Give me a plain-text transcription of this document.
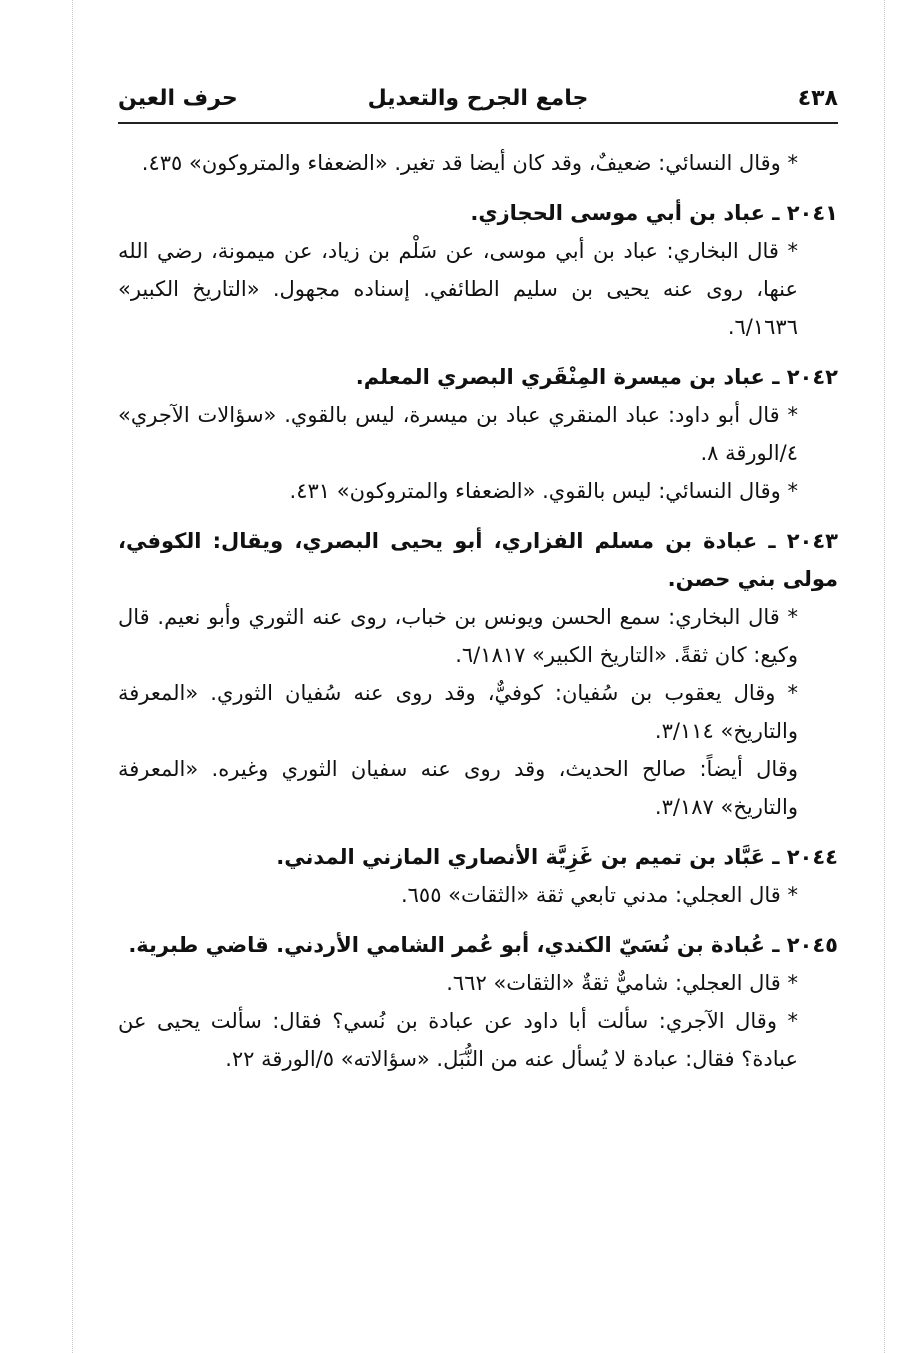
٤٣٨
جامع الجرح والتعديل
حرف العين

* وقال النسائي: ضعيفٌ، وقد كان أيضا قد تغير. «الضعفاء والمتروكون» ٤٣٥.

٢٠٤١ ـ عباد بن أبي موسى الحجازي.

* قال البخاري: عباد بن أبي موسى، عن سَلْم بن زياد، عن ميمونة، رضي الله عنها، روى عنه يحيى بن سليم الطائفي. إسناده مجهول. «التاريخ الكبير» ٦/١٦٣٦.

٢٠٤٢ ـ عباد بن ميسرة المِنْقَري البصري المعلم.

* قال أبو داود: عباد المنقري عباد بن ميسرة، ليس بالقوي. «سؤالات الآجري» ٤/الورقة ٨.

* وقال النسائي: ليس بالقوي. «الضعفاء والمتروكون» ٤٣١.

٢٠٤٣ ـ عبادة بن مسلم الفزاري، أبو يحيى البصري، ويقال: الكوفي، مولى بني حصن.

* قال البخاري: سمع الحسن ويونس بن خباب، روى عنه الثوري وأبو نعيم. قال وكيع: كان ثقةً. «التاريخ الكبير» ٦/١٨١٧.

* وقال يعقوب بن سُفيان: كوفيٌّ، وقد روى عنه سُفيان الثوري. «المعرفة والتاريخ» ٣/١١٤.

وقال أيضاً: صالح الحديث، وقد روى عنه سفيان الثوري وغيره. «المعرفة والتاريخ» ٣/١٨٧.

٢٠٤٤ ـ عَبَّاد بن تميم بن غَزِيَّة الأنصاري المازني المدني.

* قال العجلي: مدني تابعي ثقة «الثقات» ٦٥٥.

٢٠٤٥ ـ عُبادة بن نُسَيّ الكندي، أبو عُمر الشامي الأردني. قاضي طبرية.

* قال العجلي: شاميٌّ ثقةٌ «الثقات» ٦٦٢.

* وقال الآجري: سألت أبا داود عن عبادة بن نُسي؟ فقال: سألت يحيى عن عبادة؟ فقال: عبادة لا يُسأل عنه من النُّبَل. «سؤالاته» ٥/الورقة ٢٢.
